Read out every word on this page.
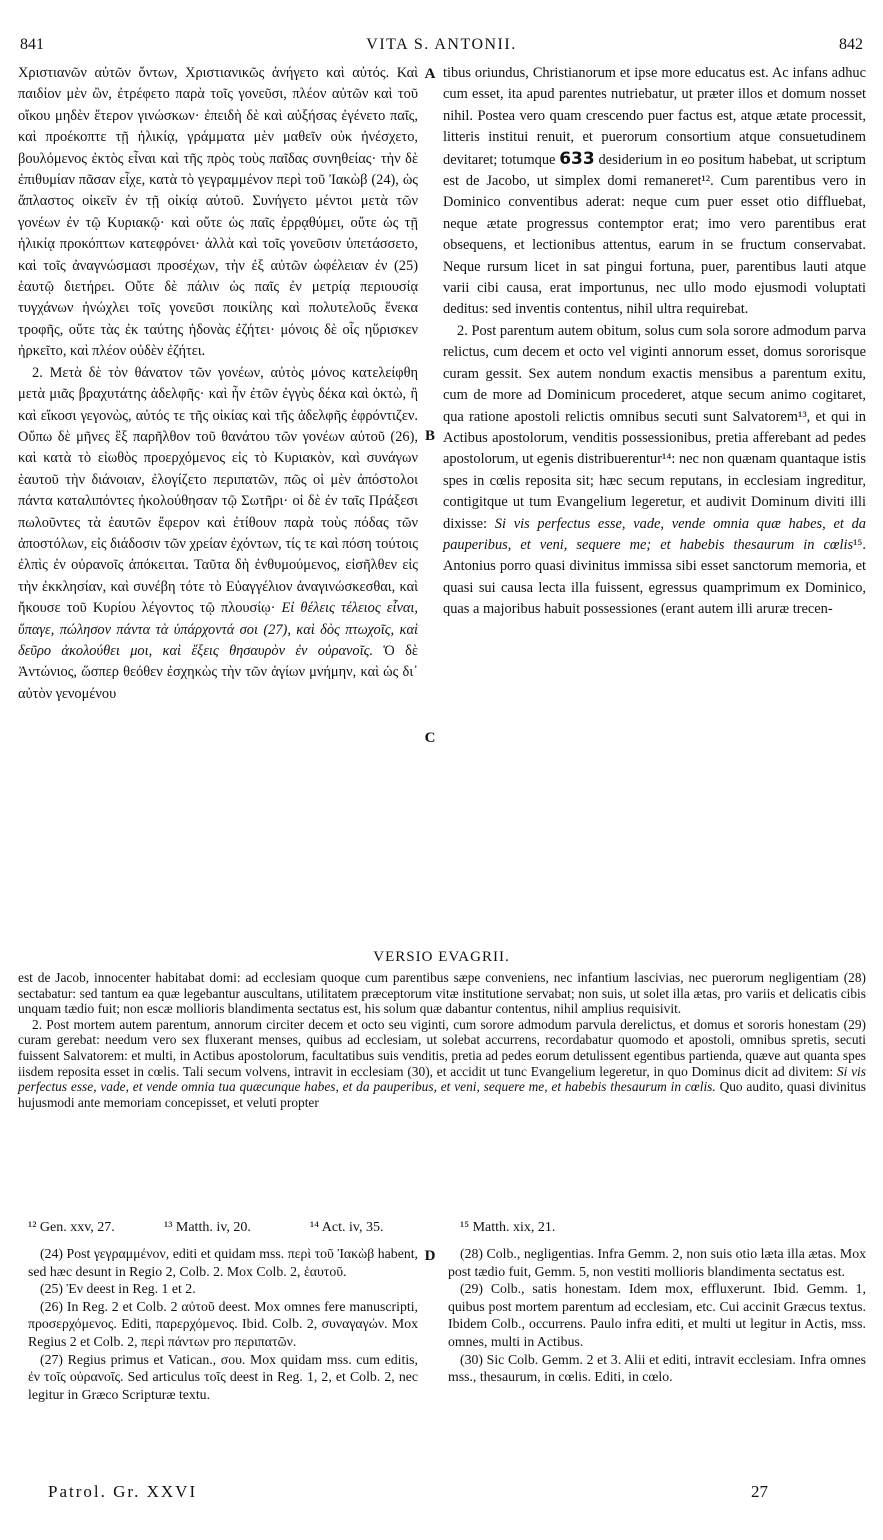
841	VITA S. ANTONII.	842

Χριστιανῶν αὐτῶν ὄντων, Χριστιανικῶς ἀνήγετο καὶ αὐτός. Καὶ παιδίον μὲν ὢν, ἐτρέφετο παρὰ τοῖς γονεῦσι, πλέον αὐτῶν καὶ τοῦ οἴκου μηδὲν ἕτερον γινώσκων· ἐπειδὴ δὲ καὶ αὐξήσας ἐγένετο παῖς, καὶ προέκοπτε τῇ ἡλικίᾳ, γράμματα μὲν μαθεῖν οὐκ ἠνέσχετο, βουλόμενος ἐκτὸς εἶναι καὶ τῆς πρὸς τοὺς παῖδας συνηθείας· τὴν δὲ ἐπιθυμίαν πᾶσαν εἶχε, κατὰ τὸ γεγραμμένον περὶ τοῦ Ἰακὼβ (24), ὡς ἄπλαστος οἰκεῖν ἐν τῇ οἰκίᾳ αὐτοῦ. Συνήγετο μέντοι μετὰ τῶν γονέων ἐν τῷ Κυριακῷ· καὶ οὔτε ὡς παῖς ἐρρᾳθύμει, οὔτε ὡς τῇ ἡλικίᾳ προκόπτων κατεφρόνει· ἀλλὰ καὶ τοῖς γονεῦσιν ὑπετάσσετο, καὶ τοῖς ἀναγνώσμασι προσέχων, τὴν ἐξ αὐτῶν ὠφέλειαν ἐν (25) ἑαυτῷ διετήρει. Οὔτε δὲ πάλιν ὡς παῖς ἐν μετρίᾳ περιουσίᾳ τυγχάνων ἠνώχλει τοῖς γονεῦσι ποικίλης καὶ πολυτελοῦς ἕνεκα τροφῆς, οὔτε τὰς ἐκ ταύτης ἡδονὰς ἐζήτει· μόνοις δὲ οἷς ηὕρισκεν ἠρκεῖτο, καὶ πλέον οὐδὲν ἐζήτει.

2. Μετὰ δὲ τὸν θάνατον τῶν γονέων, αὐτὸς μόνος κατελείφθη μετὰ μιᾶς βραχυτάτης ἀδελφῆς· καὶ ἦν ἐτῶν ἐγγὺς δέκα καὶ ὀκτὼ, ἢ καὶ εἴκοσι γεγονὼς, αὐτός τε τῆς οἰκίας καὶ τῆς ἀδελφῆς ἐφρόντιζεν. Οὔπω δὲ μῆνες ἓξ παρῆλθον τοῦ θανάτου τῶν γονέων αὐτοῦ (26), καὶ κατὰ τὸ εἰωθὸς προερχόμενος εἰς τὸ Κυριακὸν, καὶ συνάγων ἑαυτοῦ τὴν διάνοιαν, ἐλογίζετο περιπατῶν, πῶς οἱ μὲν ἀπόστολοι πάντα καταλιπόντες ἠκολούθησαν τῷ Σωτῆρι· οἱ δὲ ἐν ταῖς Πράξεσι πωλοῦντες τὰ ἑαυτῶν ἔφερον καὶ ἐτίθουν παρὰ τοὺς πόδας τῶν ἀποστόλων, εἰς διάδοσιν τῶν χρείαν ἐχόντων, τίς τε καὶ πόση τούτοις ἐλπὶς ἐν οὐρανοῖς ἀπόκειται. Ταῦτα δὴ ἐνθυμούμενος, εἰσῆλθεν εἰς τὴν ἐκκλησίαν, καὶ συνέβη τότε τὸ Εὐαγγέλιον ἀναγινώσκεσθαι, καὶ ἤκουσε τοῦ Κυρίου λέγοντος τῷ πλουσίῳ· Εἰ θέλεις τέλειος εἶναι, ὕπαγε, πώλησον πάντα τὰ ὑπάρχοντά σοι (27), καὶ δὸς πτωχοῖς, καὶ δεῦρο ἀκολούθει μοι, καὶ ἕξεις θησαυρὸν ἐν οὐρανοῖς. Ὁ δὲ Ἀντώνιος, ὥσπερ θεόθεν ἐσχηκὼς τὴν τῶν ἁγίων μνήμην, καὶ ὡς δι᾽ αὐτὸν γενομένου

A
B
C
D

tibus oriundus, Christianorum et ipse more educatus est. Ac infans adhuc cum esset, ita apud parentes nutriebatur, ut præter illos et domum nosset nihil. Postea vero quam crescendo puer factus est, atque ætate processit, litteris institui renuit, et puerorum consortium atque consuetudinem devitaret; totumque 633 desiderium in eo positum habebat, ut scriptum est de Jacobo, ut simplex domi remaneret¹². Cum parentibus vero in Dominico conventibus aderat: neque cum puer esset otio diffluebat, neque ætate progressus contemptor erat; imo vero parentibus erat obsequens, et lectionibus attentus, earum in se fructum conservabat. Neque rursum licet in sat pingui fortuna, puer, parentibus lauti atque varii cibi causa, erat importunus, nec ullo modo ejusmodi voluptati deditus: sed inventis contentus, nihil ultra requirebat.

2. Post parentum autem obitum, solus cum sola sorore admodum parva relictus, cum decem et octo vel viginti annorum esset, domus sororisque curam gessit. Sex autem nondum exactis mensibus a parentum exitu, cum de more ad Dominicum procederet, atque secum animo cogitaret, qua ratione apostoli relictis omnibus secuti sunt Salvatorem¹³, et qui in Actibus apostolorum, venditis possessionibus, pretia afferebant ad pedes apostolorum, ut egenis distribuerentur¹⁴: nec non quænam quantaque istis spes in cœlis reposita sit; hæc secum reputans, in ecclesiam ingreditur, contigitque ut tum Evangelium legeretur, et audivit Dominum diviti illi dixisse: Si vis perfectus esse, vade, vende omnia quæ habes, et da pauperibus, et veni, sequere me; et habebis thesaurum in cœlis¹⁵. Antonius porro quasi divinitus immissa sibi esset sanctorum memoria, et quasi sui causa lecta illa fuissent, egressus quamprimum ex Dominico, quas a majoribus habuit possessiones (erant autem illi aruræ trecen-

VERSIO EVAGRII.

est de Jacob, innocenter habitabat domi: ad ecclesiam quoque cum parentibus sæpe conveniens, nec infantium lascivias, nec puerorum negligentiam (28) sectabatur: sed tantum ea quæ legebantur auscultans, utilitatem præceptorum vitæ institutione servabat; non suis, ut solet illa ætas, pro variis et delicatis cibis unquam tædio fuit; non escæ mollioris blandimenta sectatus est, his solum quæ dabantur contentus, nihil amplius requisivit.

2. Post mortem autem parentum, annorum circiter decem et octo seu viginti, cum sorore admodum parvula derelictus, et domus et sororis honestam (29) curam gerebat: needum vero sex fluxerant menses, quibus ad ecclesiam, ut solebat accurrens, recordabatur quomodo et apostoli, omnibus spretis, secuti fuissent Salvatorem: et multi, in Actibus apostolorum, facultatibus suis venditis, pretia ad pedes eorum detulissent egentibus partienda, quæve aut quanta spes iisdem reposita esset in cœlis. Tali secum volvens, intravit in ecclesiam (30), et accidit ut tunc Evangelium legeretur, in quo Dominus dicit ad divitem: Si vis perfectus esse, vade, et vende omnia tua quæcunque habes, et da pauperibus, et veni, sequere me, et habebis thesaurum in cœlis. Quo audito, quasi divinitus hujusmodi ante memoriam concepisset, et veluti propter

¹² Gen. xxv, 27.	¹³ Matth. iv, 20.	¹⁴ Act. iv, 35.	¹⁵ Matth. xix, 21.

(24) Post γεγραμμένον, editi et quidam mss. περὶ τοῦ Ἰακὼβ habent, sed hæc desunt in Regio 2, Colb. 2. Mox Colb. 2, ἑαυτοῦ.

(25) Ἐν deest in Reg. 1 et 2.

(26) In Reg. 2 et Colb. 2 αὐτοῦ deest. Mox omnes fere manuscripti, προσερχόμενος. Editi, παρερχόμενος. Ibid. Colb. 2, συναγαγών. Mox Regius 2 et Colb. 2, περὶ πάντων pro περιπατῶν.

(27) Regius primus et Vatican., σου. Mox quidam mss. cum editis, ἐν τοῖς οὐρανοῖς. Sed articulus τοῖς deest in Reg. 1, 2, et Colb. 2, nec legitur in Græco Scripturæ textu.

(28) Colb., negligentias. Infra Gemm. 2, non suis otio læta illa ætas. Mox post tædio fuit, Gemm. 5, non vestiti mollioris blandimenta sectatus est.

(29) Colb., satis honestam. Idem mox, effluxerunt. Ibid. Gemm. 1, quibus post mortem parentum ad ecclesiam, etc. Cui accinit Græcus textus. Ibidem Colb., occurrens. Paulo infra editi, et multi ut legitur in Actis, mss. omnes, multi in Actibus.

(30) Sic Colb. Gemm. 2 et 3. Alii et editi, intravit ecclesiam. Infra omnes mss., thesaurum, in cœlis. Editi, in cœlo.

Patrol. Gr. XXVI	27
